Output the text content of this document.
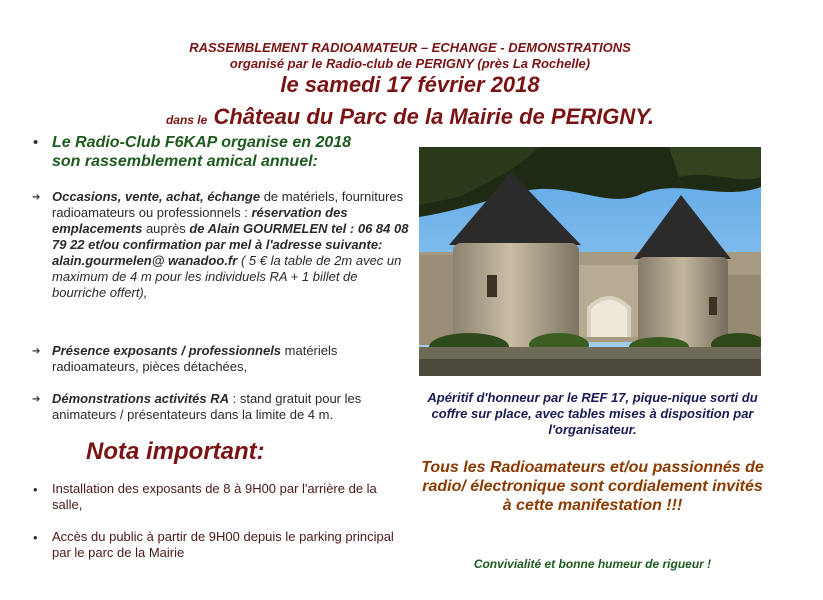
RASSEMBLEMENT RADIOAMATEUR – ECHANGE - DEMONSTRATIONS
organisé par le Radio-club de PERIGNY (près La Rochelle)
le samedi 17 février 2018
dans le Château du Parc de la Mairie de PERIGNY.
• Le Radio-Club F6KAP organise en 2018
son rassemblement amical annuel:
➔ Occasions, vente, achat, échange de matériels, fournitures radioamateurs ou professionnels : réservation des emplacements auprès de Alain GOURMELEN tel : 06 84 08 79 22 et/ou confirmation par mel à l'adresse suivante: alain.gourmelen@ wanadoo.fr ( 5 € la table de 2m avec un maximum de 4 m pour les individuels RA + 1 billet de bourriche offert),
➔ Présence exposants / professionnels matériels radioamateurs, pièces détachées,
➔ Démonstrations activités RA : stand gratuit pour les animateurs / présentateurs dans la limite de 4 m.
Nota important:
• Installation des exposants de 8 à 9H00 par l'arrière de la salle,
• Accès du public à partir de 9H00 depuis le parking principal par le parc de la Mairie
Apéritif d'honneur par le REF 17, pique-nique sorti du coffre sur place, avec tables mises à disposition par l'organisateur.
Tous les Radioamateurs et/ou passionnés de radio/ électronique sont cordialement invités à cette manifestation !!!
Convivialité et bonne humeur de rigueur !
